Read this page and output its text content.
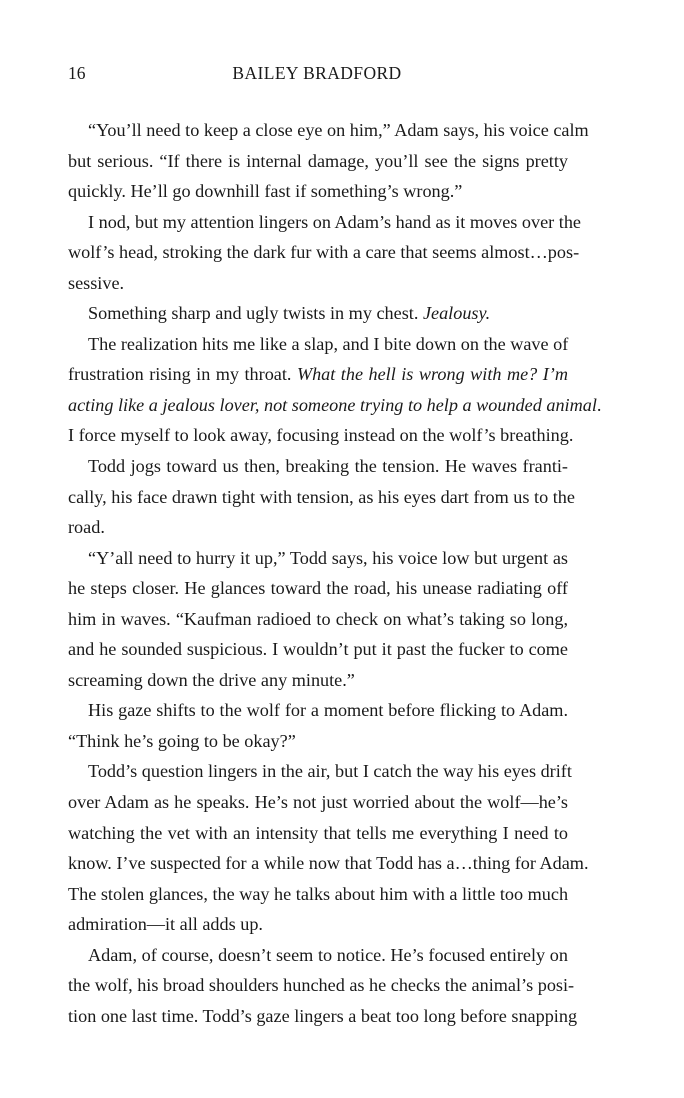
16	BAILEY BRADFORD

“You’ll need to keep a close eye on him,” Adam says, his voice calm
but serious. “If there is internal damage, you’ll see the signs pretty
quickly. He’ll go downhill fast if something’s wrong.”

I nod, but my attention lingers on Adam’s hand as it moves over the
wolf’s head, stroking the dark fur with a care that seems almost…pos-
sessive.

Something sharp and ugly twists in my chest. Jealousy.

The realization hits me like a slap, and I bite down on the wave of
frustration rising in my throat. What the hell is wrong with me? I’m
acting like a jealous lover, not someone trying to help a wounded animal.
I force myself to look away, focusing instead on the wolf’s breathing.

Todd jogs toward us then, breaking the tension. He waves franti-
cally, his face drawn tight with tension, as his eyes dart from us to the
road.

“Y’all need to hurry it up,” Todd says, his voice low but urgent as
he steps closer. He glances toward the road, his unease radiating off
him in waves. “Kaufman radioed to check on what’s taking so long,
and he sounded suspicious. I wouldn’t put it past the fucker to come
screaming down the drive any minute.”

His gaze shifts to the wolf for a moment before flicking to Adam.
“Think he’s going to be okay?”

Todd’s question lingers in the air, but I catch the way his eyes drift
over Adam as he speaks. He’s not just worried about the wolf—he’s
watching the vet with an intensity that tells me everything I need to
know. I’ve suspected for a while now that Todd has a…thing for Adam.
The stolen glances, the way he talks about him with a little too much
admiration—it all adds up.

Adam, of course, doesn’t seem to notice. He’s focused entirely on
the wolf, his broad shoulders hunched as he checks the animal’s posi-
tion one last time. Todd’s gaze lingers a beat too long before snapping
